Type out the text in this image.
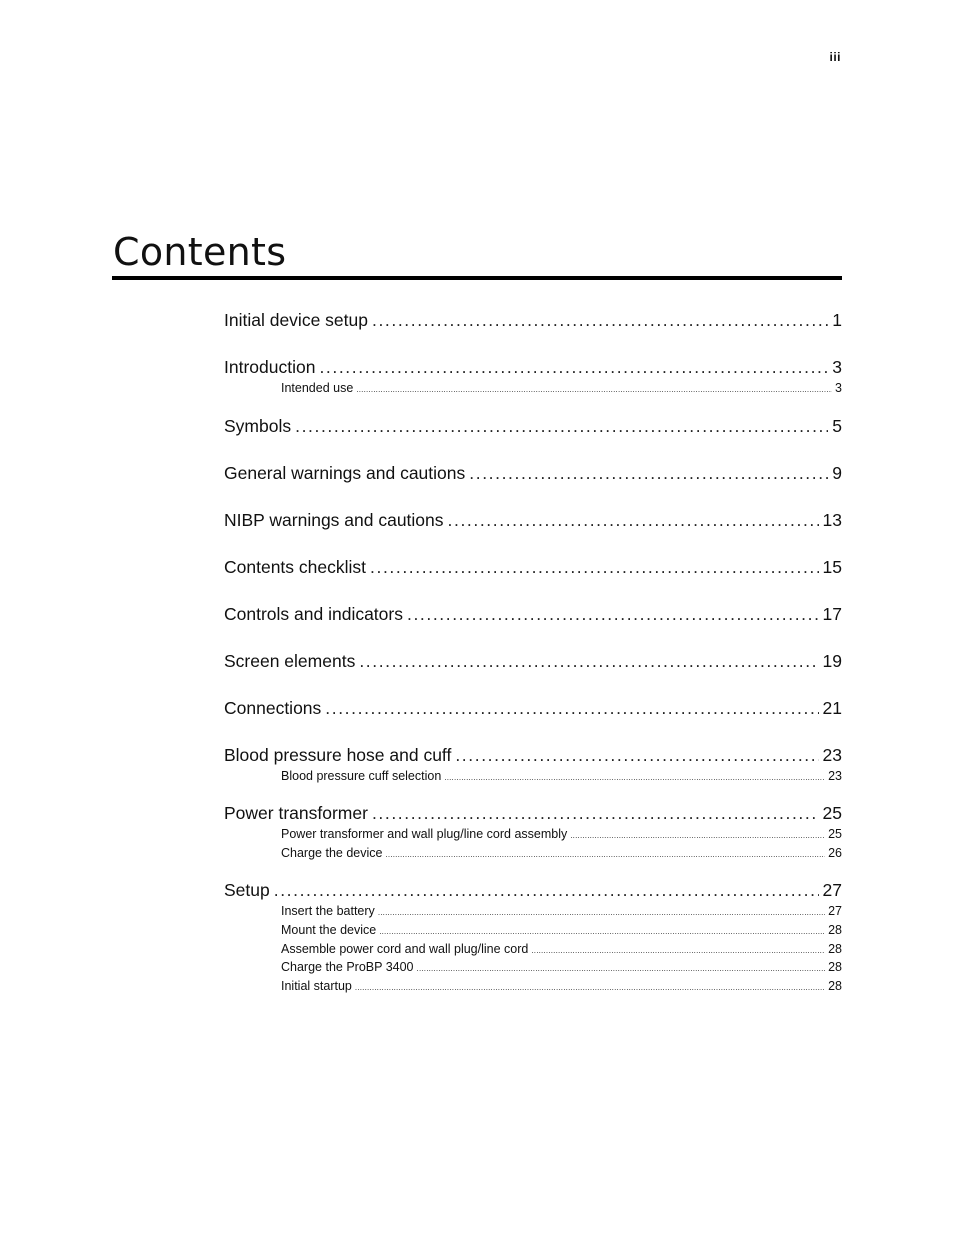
iii
Contents
Initial device setup .....	1
Introduction .....	3
Intended use .....	3
Symbols .....	5
General warnings and cautions .....	9
NIBP warnings and cautions .....	13
Contents checklist .....	15
Controls and indicators .....	17
Screen elements .....	19
Connections .....	21
Blood pressure hose and cuff .....	23
Blood pressure cuff selection .....	23
Power transformer .....	25
Power transformer and wall plug/line cord assembly .....	25
Charge the device .....	26
Setup .....	27
Insert the battery .....	27
Mount the device .....	28
Assemble power cord and wall plug/line cord .....	28
Charge the ProBP 3400 .....	28
Initial startup .....	28
